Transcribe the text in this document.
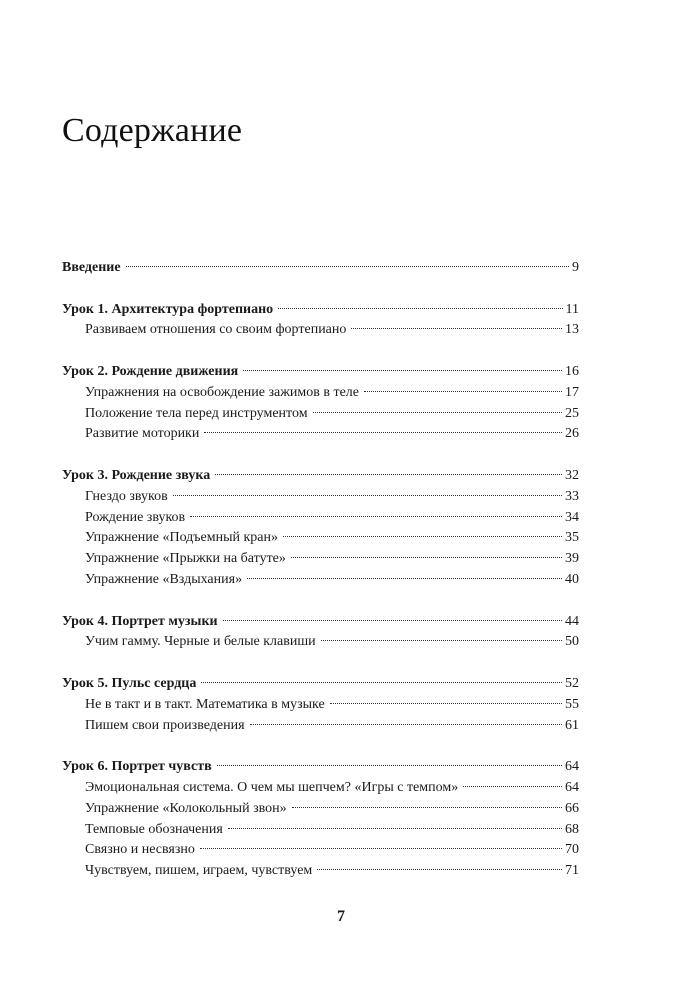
Содержание
Введение	9
Урок 1. Архитектура фортепиано	11
Развиваем отношения со своим фортепиано	13
Урок 2. Рождение движения	16
Упражнения на освобождение зажимов в теле	17
Положение тела перед инструментом	25
Развитие моторики	26
Урок 3. Рождение звука	32
Гнездо звуков	33
Рождение звуков	34
Упражнение «Подъемный кран»	35
Упражнение «Прыжки на батуте»	39
Упражнение «Вздыхания»	40
Урок 4. Портрет музыки	44
Учим гамму. Черные и белые клавиши	50
Урок 5. Пульс сердца	52
Не в такт и в такт. Математика в музыке	55
Пишем свои произведения	61
Урок 6. Портрет чувств	64
Эмоциональная система. О чем мы шепчем? «Игры с темпом»	64
Упражнение «Колокольный звон»	66
Темповые обозначения	68
Связно и несвязно	70
Чувствуем, пишем, играем, чувствуем	71
7
